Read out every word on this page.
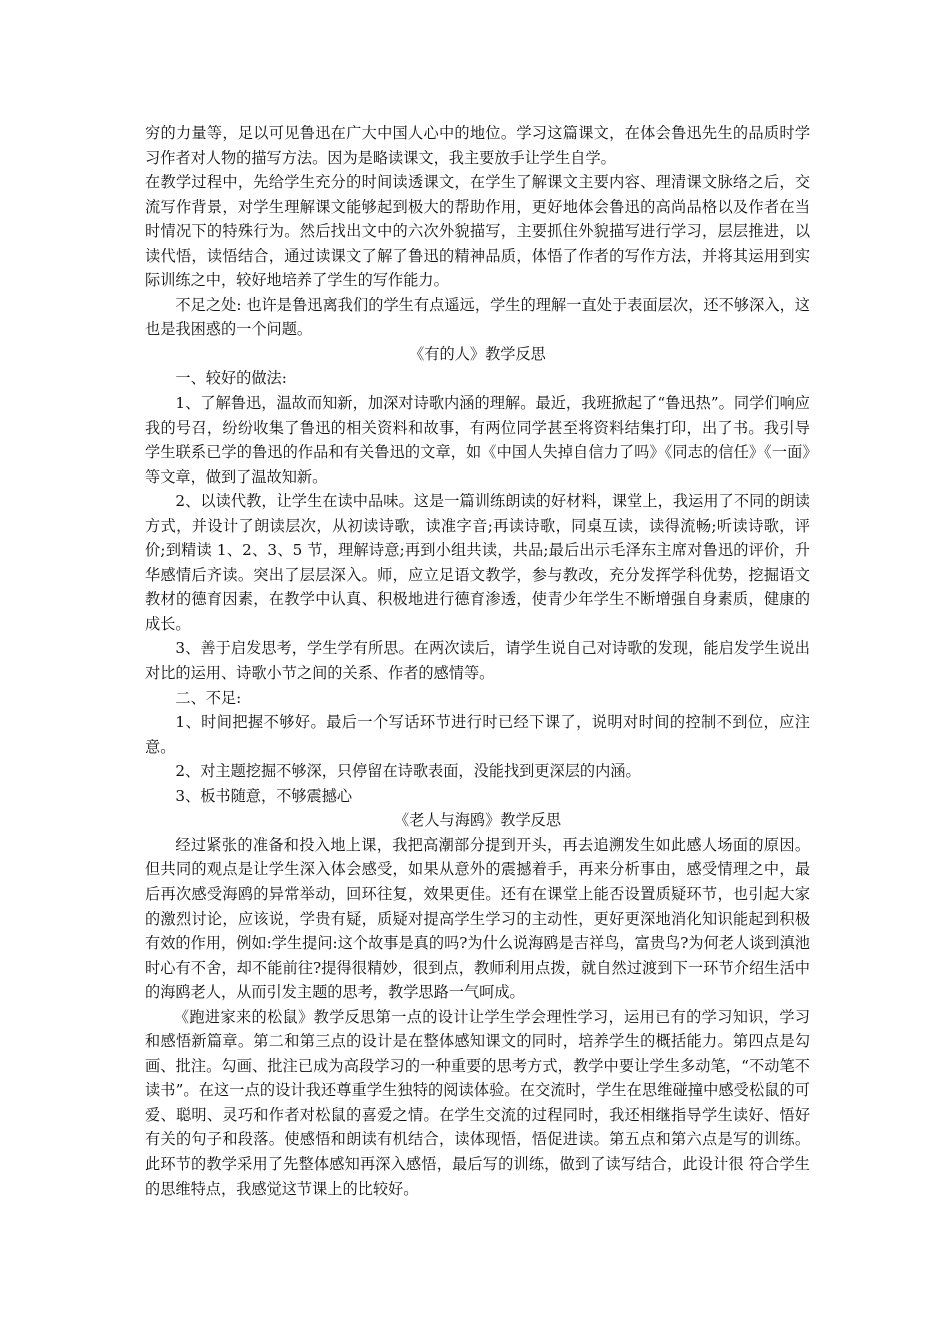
穷的力量等，足以可见鲁迅在广大中国人心中的地位。学习这篇课文，在体会鲁迅先生的品质时学习作者对人物的描写方法。因为是略读课文，我主要放手让学生自学。

在教学过程中，先给学生充分的时间读透课文，在学生了解课文主要内容、理清课文脉络之后，交流写作背景，对学生理解课文能够起到极大的帮助作用，更好地体会鲁迅的高尚品格以及作者在当时情况下的特殊行为。然后找出文中的六次外貌描写，主要抓住外貌描写进行学习，层层推进，以读代悟，读悟结合，通过读课文了解了鲁迅的精神品质，体悟了作者的写作方法，并将其运用到实际训练之中，较好地培养了学生的写作能力。

不足之处: 也许是鲁迅离我们的学生有点遥远，学生的理解一直处于表面层次，还不够深入，这也是我困惑的一个问题。

《有的人》教学反思

一、较好的做法:

1、了解鲁迅，温故而知新，加深对诗歌内涵的理解。最近，我班掀起了“鲁迅热”。同学们响应我的号召，纷纷收集了鲁迅的相关资料和故事，有两位同学甚至将资料结集打印，出了书。我引导学生联系已学的鲁迅的作品和有关鲁迅的文章，如《中国人失掉自信力了吗》《同志的信任》《一面》等文章，做到了温故知新。

2、以读代教，让学生在读中品味。这是一篇训练朗读的好材料，课堂上，我运用了不同的朗读方式，并设计了朗读层次，从初读诗歌，读准字音;再读诗歌，同桌互读，读得流畅;听读诗歌，评价;到精读 1、2、3、5 节，理解诗意;再到小组共读，共品;最后出示毛泽东主席对鲁迅的评价，升华感情后齐读。突出了层层深入。师，应立足语文教学，参与教改，充分发挥学科优势，挖掘语文教材的德育因素，在教学中认真、积极地进行德育渗透，使青少年学生不断增强自身素质，健康的成长。

3、善于启发思考，学生学有所思。在两次读后，请学生说自己对诗歌的发现，能启发学生说出对比的运用、诗歌小节之间的关系、作者的感情等。

二、不足:

1、时间把握不够好。最后一个写话环节进行时已经下课了，说明对时间的控制不到位，应注意。

2、对主题挖掘不够深，只停留在诗歌表面，没能找到更深层的内涵。

3、板书随意，不够震撼心

《老人与海鸥》教学反思

经过紧张的准备和投入地上课，我把高潮部分提到开头，再去追溯发生如此感人场面的原因。但共同的观点是让学生深入体会感受，如果从意外的震撼着手，再来分析事由，感受情理之中，最后再次感受海鸥的异常举动，回环往复，效果更佳。还有在课堂上能否设置质疑环节，也引起大家的激烈讨论，应该说，学贵有疑，质疑对提高学生学习的主动性，更好更深地消化知识能起到积极有效的作用，例如:学生提问:这个故事是真的吗?为什么说海鸥是吉祥鸟，富贵鸟?为何老人谈到滇池时心有不舍，却不能前往?提得很精妙，很到点，教师利用点拨，就自然过渡到下一环节介绍生活中的海鸥老人，从而引发主题的思考，教学思路一气呵成。

《跑进家来的松鼠》教学反思第一点的设计让学生学会理性学习，运用已有的学习知识，学习和感悟新篇章。第二和第三点的设计是在整体感知课文的同时，培养学生的概括能力。第四点是勾画、批注。勾画、批注已成为高段学习的一种重要的思考方式，教学中要让学生多动笔，“不动笔不读书”。在这一点的设计我还尊重学生独特的阅读体验。在交流时，学生在思维碰撞中感受松鼠的可爱、聪明、灵巧和作者对松鼠的喜爱之情。在学生交流的过程同时，我还相继指导学生读好、悟好有关的句子和段落。使感悟和朗读有机结合，读体现悟，悟促进读。第五点和第六点是写的训练。此环节的教学采用了先整体感知再深入感悟，最后写的训练，做到了读写结合，此设计很 符合学生的思维特点，我感觉这节课上的比较好。
